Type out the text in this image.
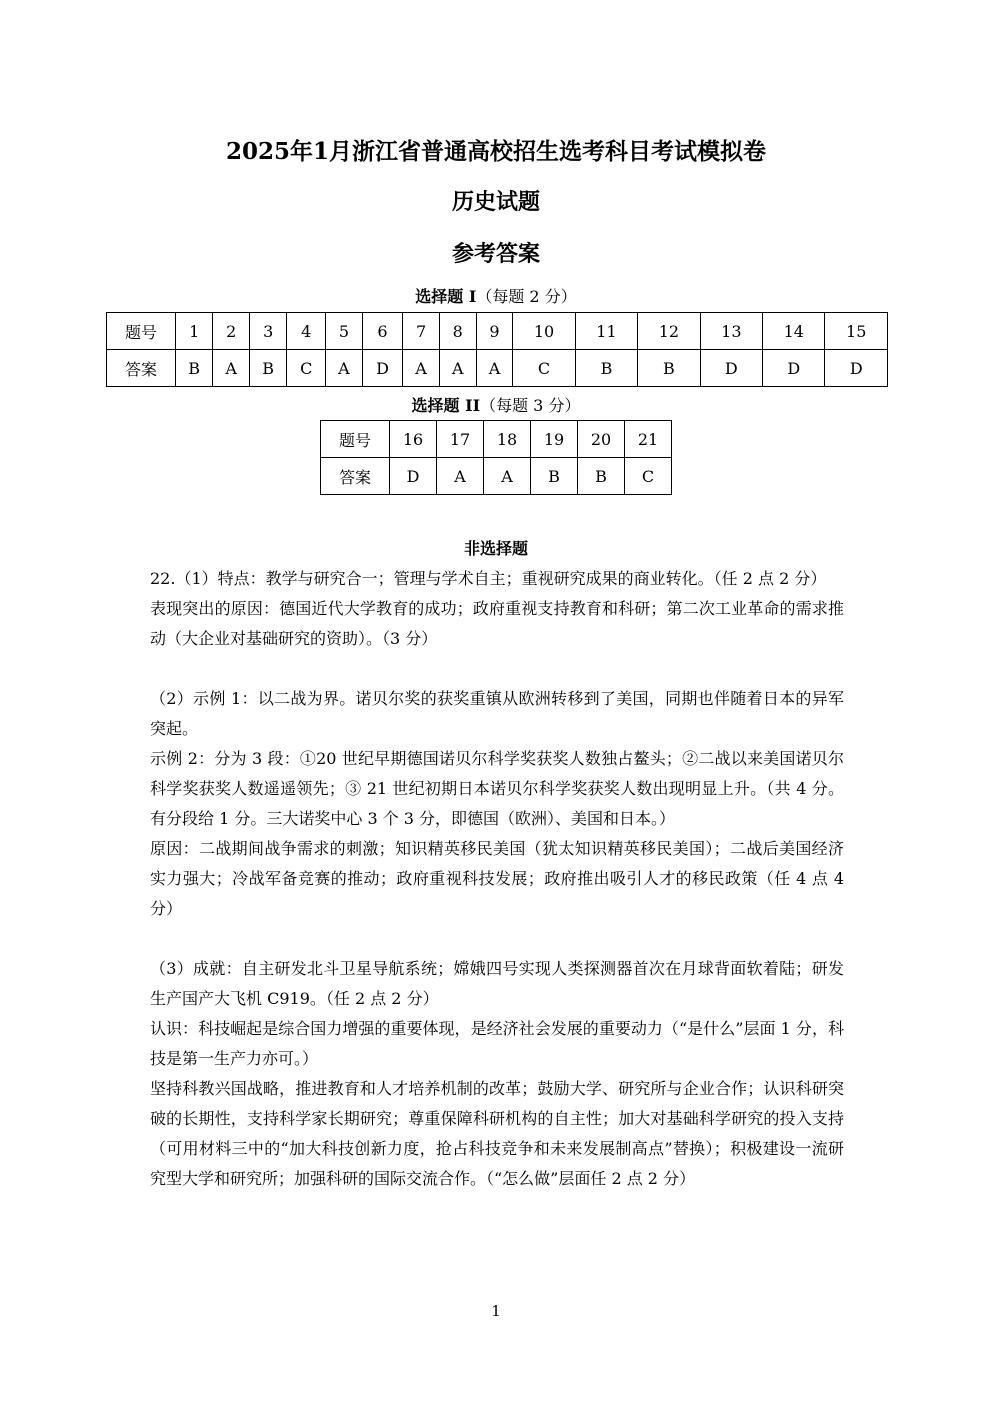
2025年1月浙江省普通高校招生选考科目考试模拟卷
历史试题
参考答案
选择题 I（每题 2 分）
题号	1	2	3	4	5	6	7	8	9	10	11	12	13	14	15
答案	B	A	B	C	A	D	A	A	A	C	B	B	D	D	D
选择题 II（每题 3 分）
题号	16	17	18	19	20	21
答案	D	A	A	B	B	C
非选择题

22.（1）特点：教学与研究合一；管理与学术自主；重视研究成果的商业转化。（任 2 点 2 分）

表现突出的原因：德国近代大学教育的成功；政府重视支持教育和科研；第二次工业革命的需求推动（大企业对基础研究的资助）。（3 分）

（2）示例 1：以二战为界。诺贝尔奖的获奖重镇从欧洲转移到了美国，同期也伴随着日本的异军突起。

示例 2：分为 3 段：①20 世纪早期德国诺贝尔科学奖获奖人数独占鳌头；②二战以来美国诺贝尔科学奖获奖人数遥遥领先；③ 21 世纪初期日本诺贝尔科学奖获奖人数出现明显上升。（共 4 分。有分段给 1 分。三大诺奖中心 3 个 3 分，即德国（欧洲）、美国和日本。）

原因：二战期间战争需求的刺激；知识精英移民美国（犹太知识精英移民美国）；二战后美国经济实力强大；冷战军备竞赛的推动；政府重视科技发展；政府推出吸引人才的移民政策（任 4 点 4 分）

（3）成就：自主研发北斗卫星导航系统；嫦娥四号实现人类探测器首次在月球背面软着陆；研发生产国产大飞机 C919。（任 2 点 2 分）

认识：科技崛起是综合国力增强的重要体现，是经济社会发展的重要动力（“是什么”层面 1 分，科技是第一生产力亦可。）

坚持科教兴国战略，推进教育和人才培养机制的改革；鼓励大学、研究所与企业合作；认识科研突破的长期性，支持科学家长期研究；尊重保障科研机构的自主性；加大对基础科学研究的投入支持（可用材料三中的“加大科技创新力度，抢占科技竞争和未来发展制高点”替换）；积极建设一流研究型大学和研究所；加强科研的国际交流合作。（“怎么做”层面任 2 点 2 分）

1
